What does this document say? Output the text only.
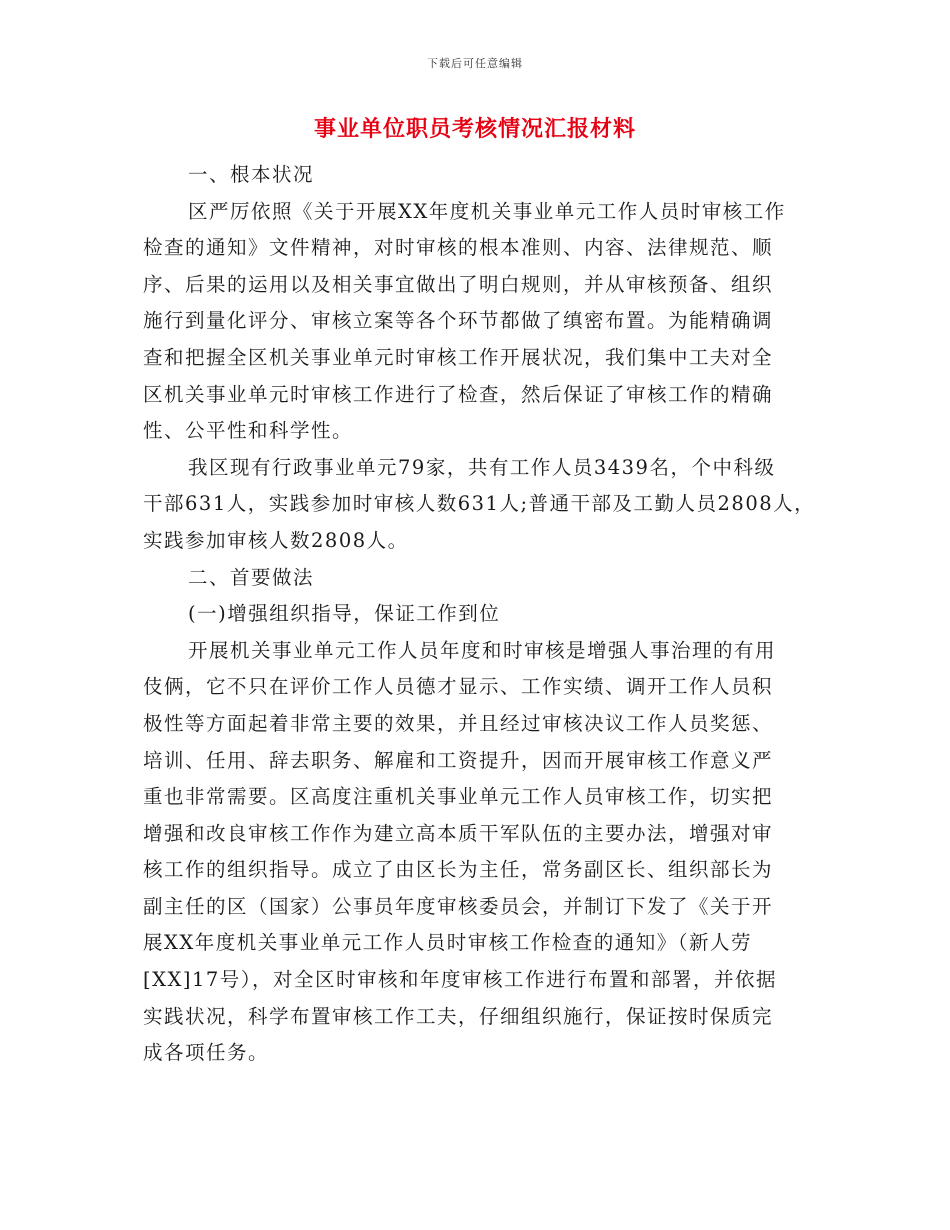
下载后可任意编辑
事业单位职员考核情况汇报材料
一、根本状况
区严厉依照《关于开展XX年度机关事业单元工作人员时审核工作
检查的通知》文件精神，对时审核的根本准则、内容、法律规范、顺
序、后果的运用以及相关事宜做出了明白规则，并从审核预备、组织
施行到量化评分、审核立案等各个环节都做了缜密布置。为能精确调
查和把握全区机关事业单元时审核工作开展状况，我们集中工夫对全
区机关事业单元时审核工作进行了检查，然后保证了审核工作的精确
性、公平性和科学性。
我区现有行政事业单元79家，共有工作人员3439名，个中科级
干部631人，实践参加时审核人数631人;普通干部及工勤人员2808人，
实践参加审核人数2808人。
二、首要做法
(一)增强组织指导，保证工作到位
开展机关事业单元工作人员年度和时审核是增强人事治理的有用
伎俩，它不只在评价工作人员德才显示、工作实绩、调开工作人员积
极性等方面起着非常主要的效果，并且经过审核决议工作人员奖惩、
培训、任用、辞去职务、解雇和工资提升，因而开展审核工作意义严
重也非常需要。区高度注重机关事业单元工作人员审核工作，切实把
增强和改良审核工作作为建立高本质干军队伍的主要办法，增强对审
核工作的组织指导。成立了由区长为主任，常务副区长、组织部长为
副主任的区（国家）公事员年度审核委员会，并制订下发了《关于开
展XX年度机关事业单元工作人员时审核工作检查的通知》（新人劳
[XX]17号），对全区时审核和年度审核工作进行布置和部署，并依据
实践状况，科学布置审核工作工夫，仔细组织施行，保证按时保质完
成各项任务。
